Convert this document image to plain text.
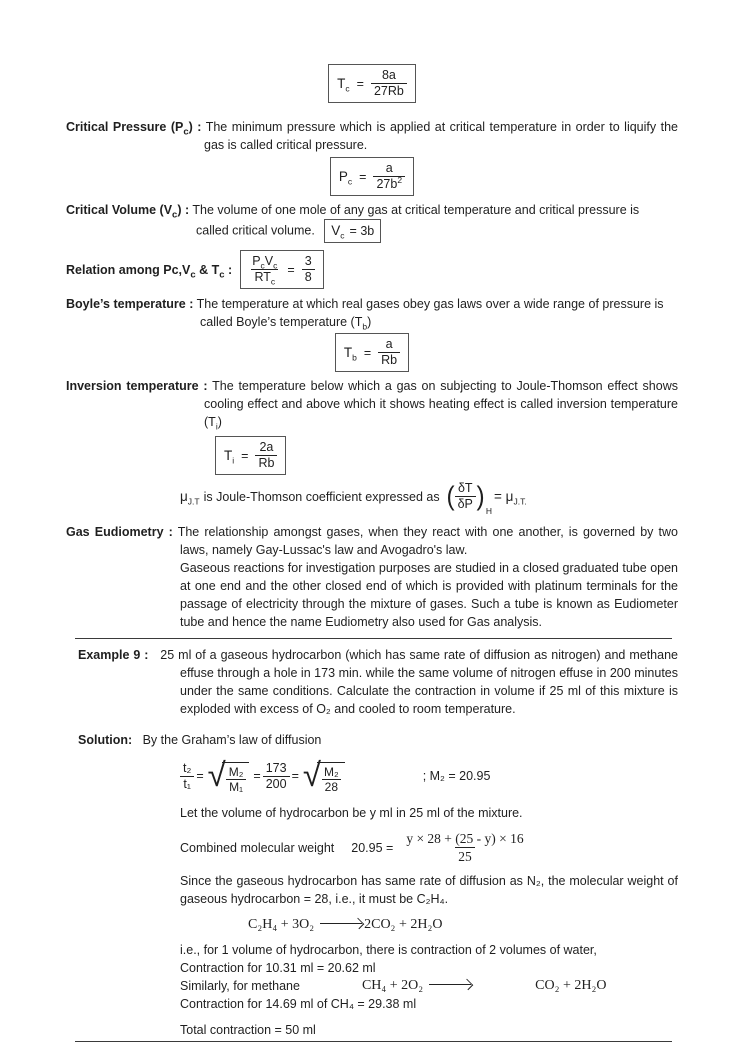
$T_c = \frac{8a}{27Rb}$
Critical Pressure $(P_c)$ : The minimum pressure which is applied at critical temperature in order to liquify the gas is called critical pressure.
$P_c = \frac{a}{27b^2}$
Critical Volume $(V_c)$ : The volume of one mole of any gas at critical temperature and critical pressure is
called critical volume. $V_c = 3b$
Relation among $Pc,V_c$ & $T_c$ : $\frac{P_cV_c}{RT_c} = \frac{3}{8}$
Boyle’s temperature : The temperature at which real gases obey gas laws over a wide range of pressure is
called Boyle’s temperature $(T_b)$
$T_b = \frac{a}{Rb}$
Inversion temperature : The temperature below which a gas on subjecting to Joule-Thomson effect shows cooling effect and above which it shows heating effect is called inversion temperature $(T_i)$
$T_i = \frac{2a}{Rb}$
$\mu_{J.T}$ is Joule-Thomson coefficient expressed as ( $\frac{\delta T}{\delta P}$ ) H
= $\mu_{J.T.}$
Gas Eudiometry : The relationship amongst gases, when they react with one another, is governed by two laws, namely Gay-Lussac's law and Avogadro's law.
Gaseous reactions for investigation purposes are studied in a closed graduated tube open at one end and the other closed end of which is provided with platinum terminals for the passage of electricity through the mixture of gases. Such a tube is known as Eudiometer tube and hence the name Eudiometry also used for Gas analysis.
Example 9 : 25 ml of a gaseous hydrocarbon (which has same rate of diffusion as nitrogen) and methane effuse through a hole in 173 min. while the same volume of nitrogen effuse in 200 minutes under the same conditions. Calculate the contraction in volume if 25 ml of this mixture is exploded with excess of O₂ and cooled to room temperature.
Solution: By the Graham’s law of diffusion
$\frac{\text{t₂}}{\text{t₁}}$ = √ $\frac{\text{M₂}}{\text{M₁}} = \frac{173}{200}$ = √ $\frac{\text{M₂}}{28}$	; M₂ = 20.95
Let the volume of hydrocarbon be y ml in 25 ml of the mixture.
Combined molecular weight $20.95 = \frac{y \times 28 + (25 - y) \times 16}{25}$
Since the gaseous hydrocarbon has same rate of diffusion as N₂, the molecular weight of gaseous hydrocarbon = 28, i.e., it must be C₂H₄.
C₂H₄ + 3O₂	2CO₂ + 2H₂O
i.e., for 1 volume of hydrocarbon, there is contraction of 2 volumes of water,
Contraction for 10.31 ml = 20.62 ml
Similarly, for methane	CH₄ + 2O₂	CO₂ + 2H₂O
Contraction for 14.69 ml of CH₄ = 29.38 ml
Total contraction = 50 ml
